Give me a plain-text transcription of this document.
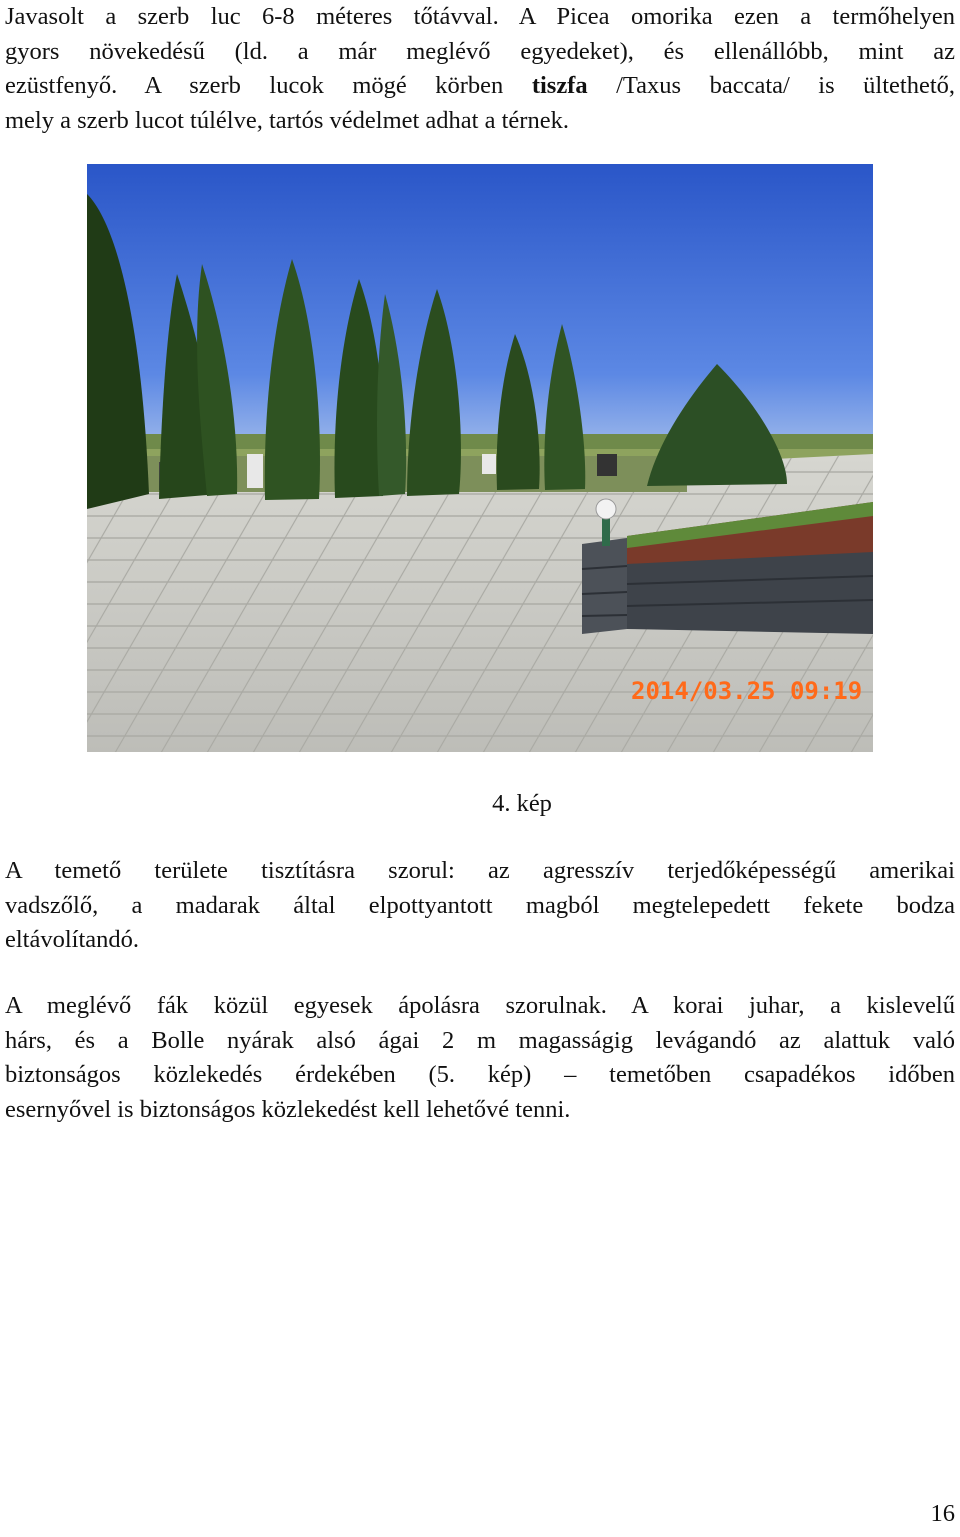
Javasolt a szerb luc 6-8 méteres tőtávval. A Picea omorika ezen a termőhelyen
gyors növekedésű (ld. a már meglévő egyedeket), és ellenállóbb, mint az
ezüstfenyő. A szerb lucok mögé körben tiszfa /Taxus baccata/ is ültethető,
mely a szerb lucot túlélve, tartós védelmet adhat a térnek.
2014/03.25 09:19
4. kép
A temető területe tisztításra szorul: az agresszív terjedőképességű amerikai
vadszőlő, a madarak által elpottyantott magból megtelepedett fekete bodza
eltávolítandó.
A meglévő fák közül egyesek ápolásra szorulnak. A korai juhar, a kislevelű
hárs, és a Bolle nyárak alsó ágai 2 m magasságig levágandó az alattuk való
biztonságos közlekedés érdekében (5. kép) – temetőben csapadékos időben
esernyővel is biztonságos közlekedést kell lehetővé tenni.
16
